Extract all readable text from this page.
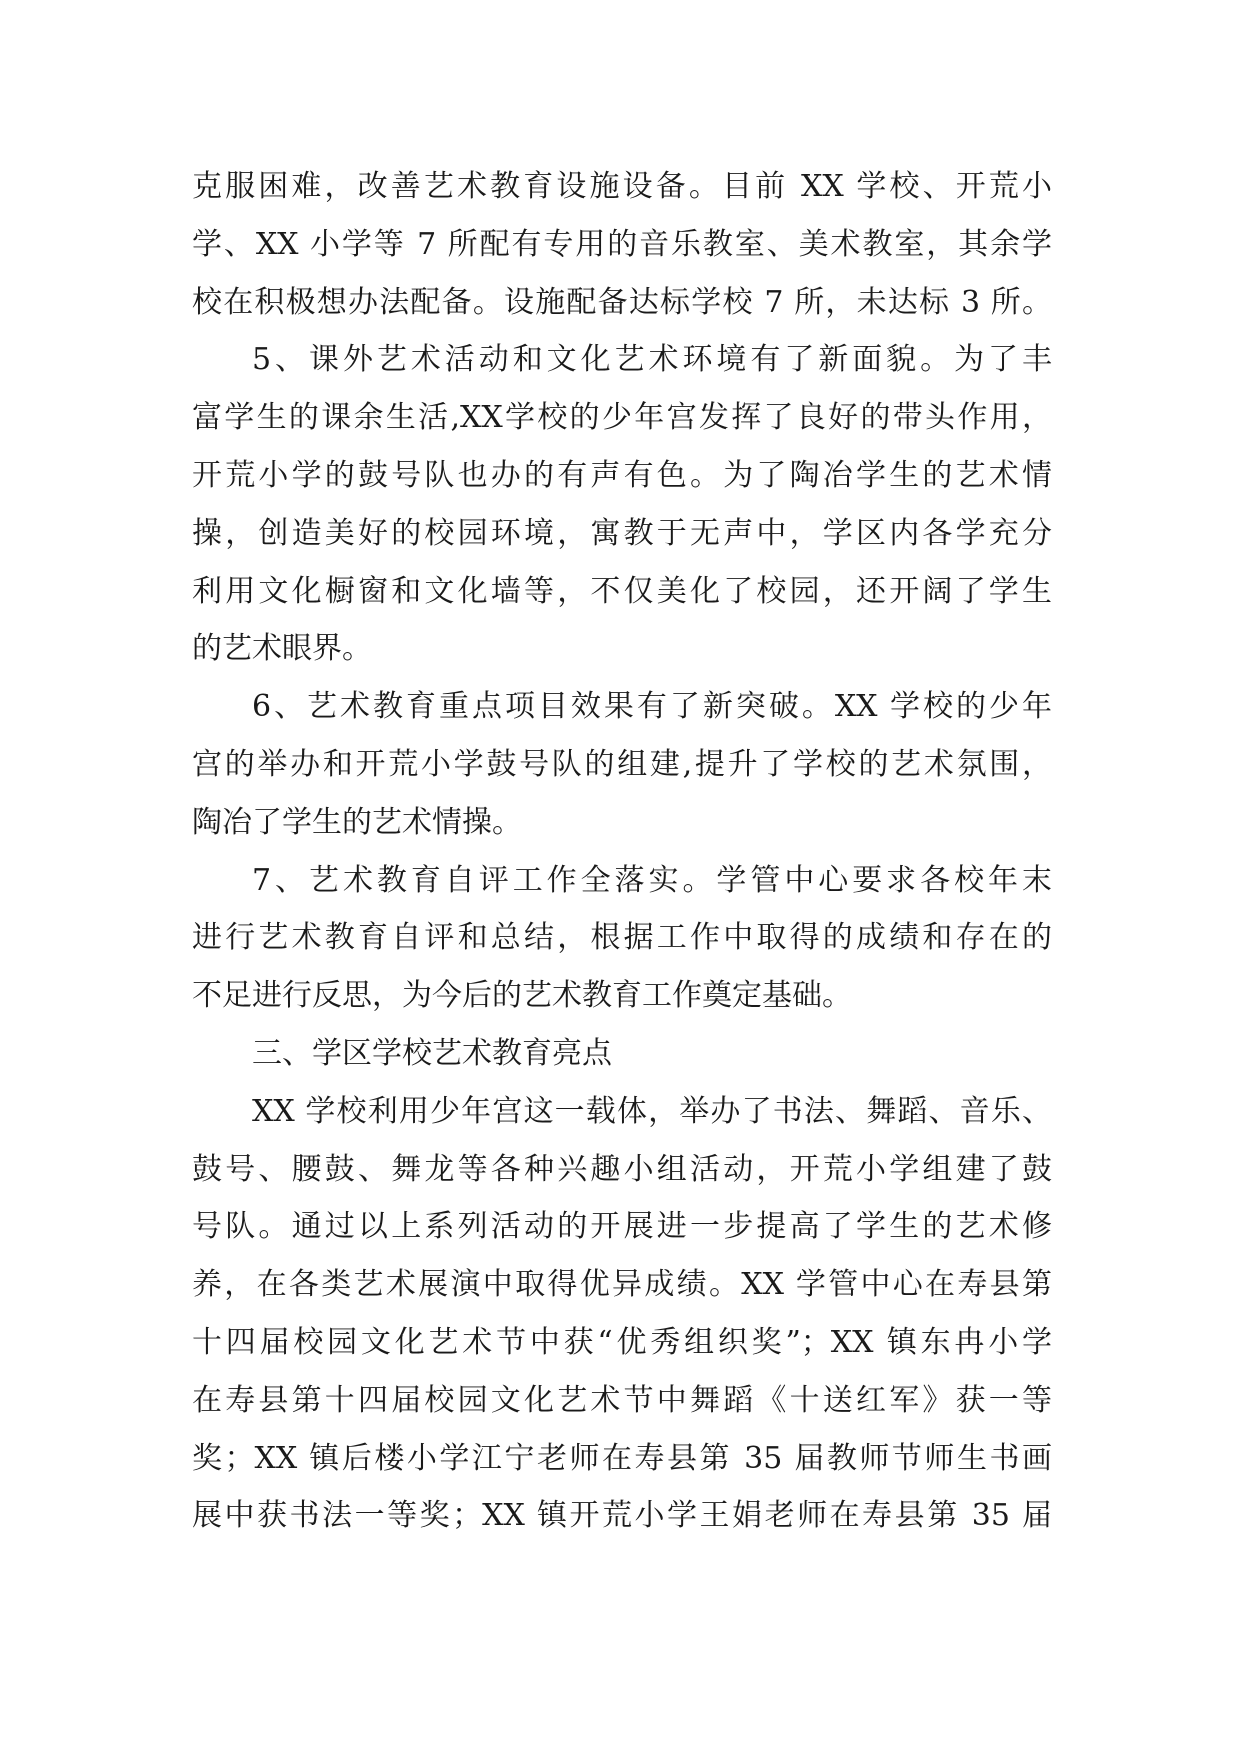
克服困难，改善艺术教育设施设备。目前 XX 学校、开荒小
学、XX 小学等 7 所配有专用的音乐教室、美术教室，其余学
校在积极想办法配备。设施配备达标学校 7 所，未达标 3 所。
5、课外艺术活动和文化艺术环境有了新面貌。为了丰
富学生的课余生活,XX学校的少年宫发挥了良好的带头作用，
开荒小学的鼓号队也办的有声有色。为了陶冶学生的艺术情
操，创造美好的校园环境，寓教于无声中，学区内各学充分
利用文化橱窗和文化墙等，不仅美化了校园，还开阔了学生
的艺术眼界。
6、艺术教育重点项目效果有了新突破。XX 学校的少年
宫的举办和开荒小学鼓号队的组建,提升了学校的艺术氛围，
陶冶了学生的艺术情操。
7、艺术教育自评工作全落实。学管中心要求各校年末
进行艺术教育自评和总结，根据工作中取得的成绩和存在的
不足进行反思，为今后的艺术教育工作奠定基础。
三、学区学校艺术教育亮点
XX 学校利用少年宫这一载体，举办了书法、舞蹈、音乐、
鼓号、腰鼓、舞龙等各种兴趣小组活动，开荒小学组建了鼓
号队。通过以上系列活动的开展进一步提高了学生的艺术修
养，在各类艺术展演中取得优异成绩。XX 学管中心在寿县第
十四届校园文化艺术节中获“优秀组织奖”；XX 镇东冉小学
在寿县第十四届校园文化艺术节中舞蹈《十送红军》获一等
奖；XX 镇后楼小学江宁老师在寿县第 35 届教师节师生书画
展中获书法一等奖；XX 镇开荒小学王娟老师在寿县第 35 届
